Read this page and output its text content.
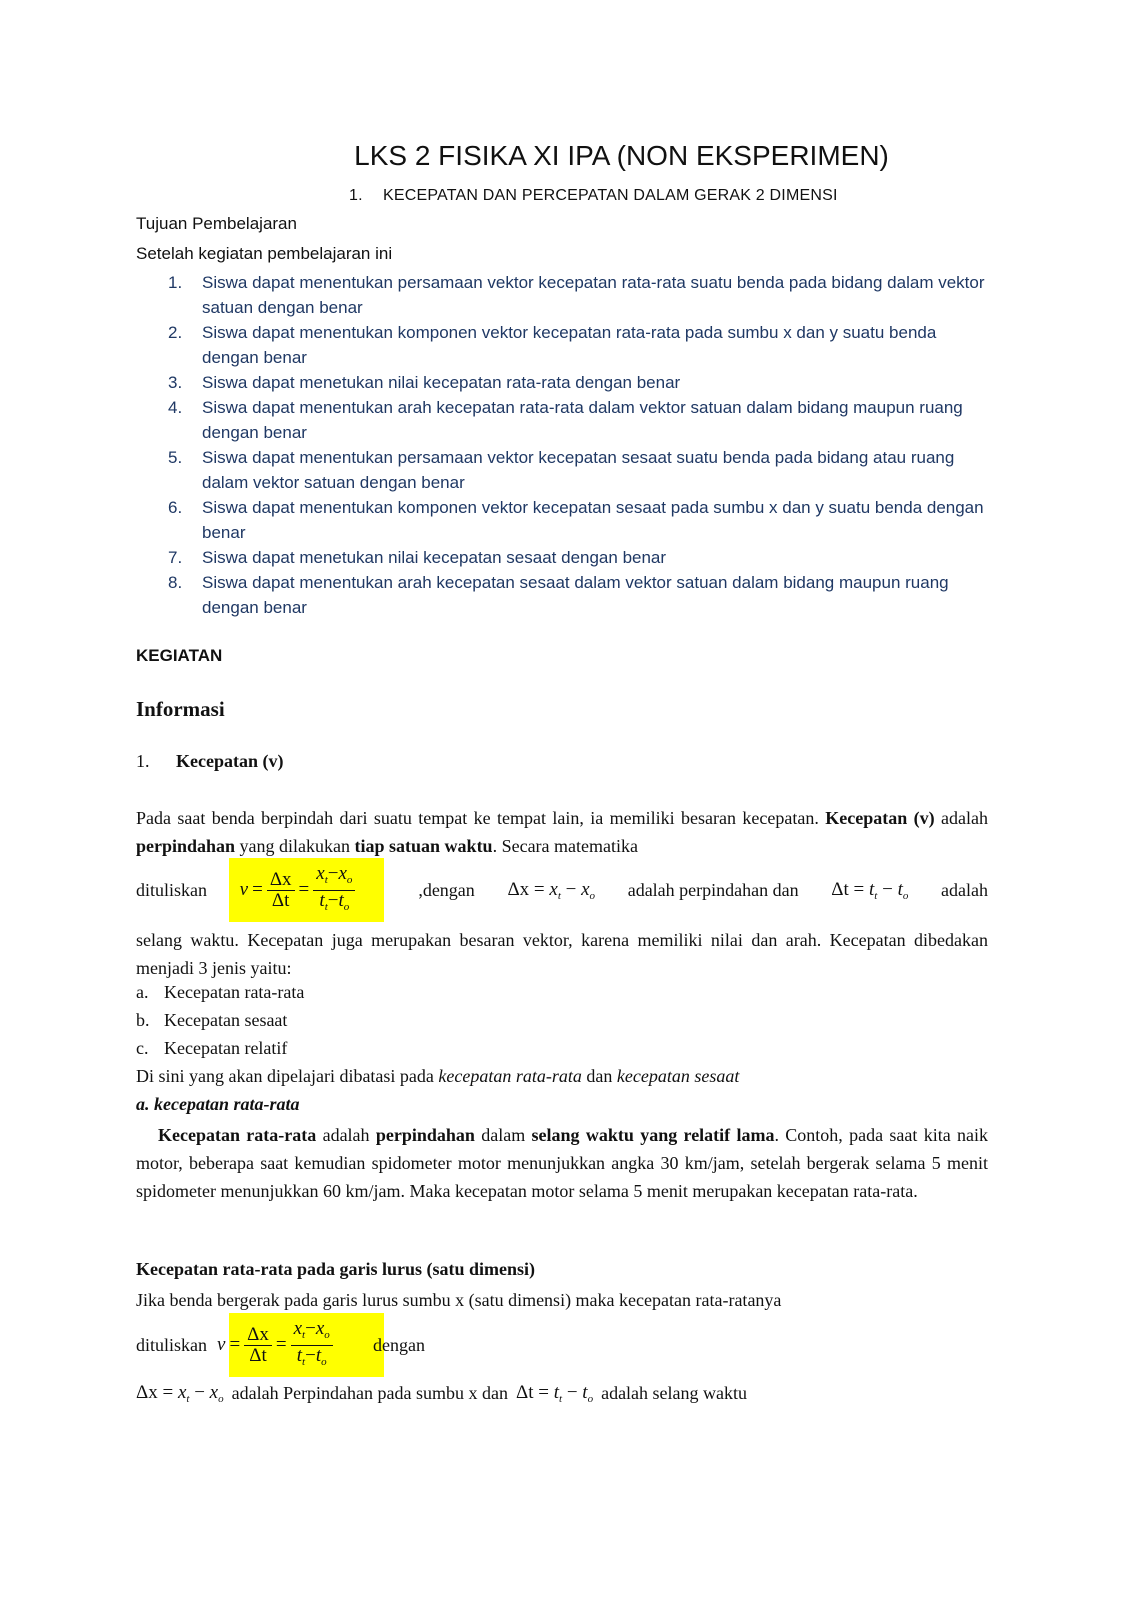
LKS 2 FISIKA XI IPA (NON EKSPERIMEN)
1. KECEPATAN DAN PERCEPATAN DALAM GERAK 2 DIMENSI
Tujuan Pembelajaran
Setelah kegiatan pembelajaran ini
1. Siswa dapat menentukan persamaan vektor kecepatan rata-rata suatu benda pada bidang dalam vektor satuan dengan benar
2. Siswa dapat menentukan komponen vektor kecepatan rata-rata pada sumbu x dan y suatu benda dengan benar
3. Siswa dapat menetukan nilai kecepatan rata-rata dengan benar
4. Siswa dapat menentukan arah kecepatan rata-rata dalam vektor satuan dalam bidang maupun ruang dengan benar
5. Siswa dapat menentukan persamaan vektor kecepatan sesaat suatu benda pada bidang atau ruang dalam vektor satuan dengan benar
6. Siswa dapat menentukan komponen vektor kecepatan sesaat pada sumbu x dan y suatu benda dengan benar
7. Siswa dapat menetukan nilai kecepatan sesaat dengan benar
8. Siswa dapat menentukan arah kecepatan sesaat dalam vektor satuan dalam bidang maupun ruang dengan benar
KEGIATAN
Informasi
1. Kecepatan (v)
Pada saat benda berpindah dari suatu tempat ke tempat lain, ia memiliki besaran kecepatan. Kecepatan (v) adalah perpindahan yang dilakukan tiap satuan waktu. Secara matematika
dituliskan $v = \frac{\Delta x}{\Delta t} = \frac{x_t-x_o}{t_t-t_o}$	,dengan $\Delta x = x_t - x_o$ adalah perpindahan dan $\Delta t = t_t - t_o$ adalah
selang waktu. Kecepatan juga merupakan besaran vektor, karena memiliki nilai dan arah. Kecepatan dibedakan menjadi 3 jenis yaitu:
a. Kecepatan rata-rata
b. Kecepatan sesaat
c. Kecepatan relatif
Di sini yang akan dipelajari dibatasi pada kecepatan rata-rata dan kecepatan sesaat
a. kecepatan rata-rata
Kecepatan rata-rata adalah perpindahan dalam selang waktu yang relatif lama. Contoh, pada saat kita naik motor, beberapa saat kemudian spidometer motor menunjukkan angka 30 km/jam, setelah bergerak selama 5 menit spidometer menunjukkan 60 km/jam. Maka kecepatan motor selama 5 menit merupakan kecepatan rata-rata.
Kecepatan rata-rata pada garis lurus (satu dimensi)
Jika benda bergerak pada garis lurus sumbu x (satu dimensi) maka kecepatan rata-ratanya
dituliskan $v = \frac{\Delta x}{\Delta t} = \frac{x_t-x_o}{t_t-t_o}$ dengan
$\Delta x = x_t - x_o$ adalah Perpindahan pada sumbu x dan $\Delta t = t_t - t_o$ adalah selang waktu
